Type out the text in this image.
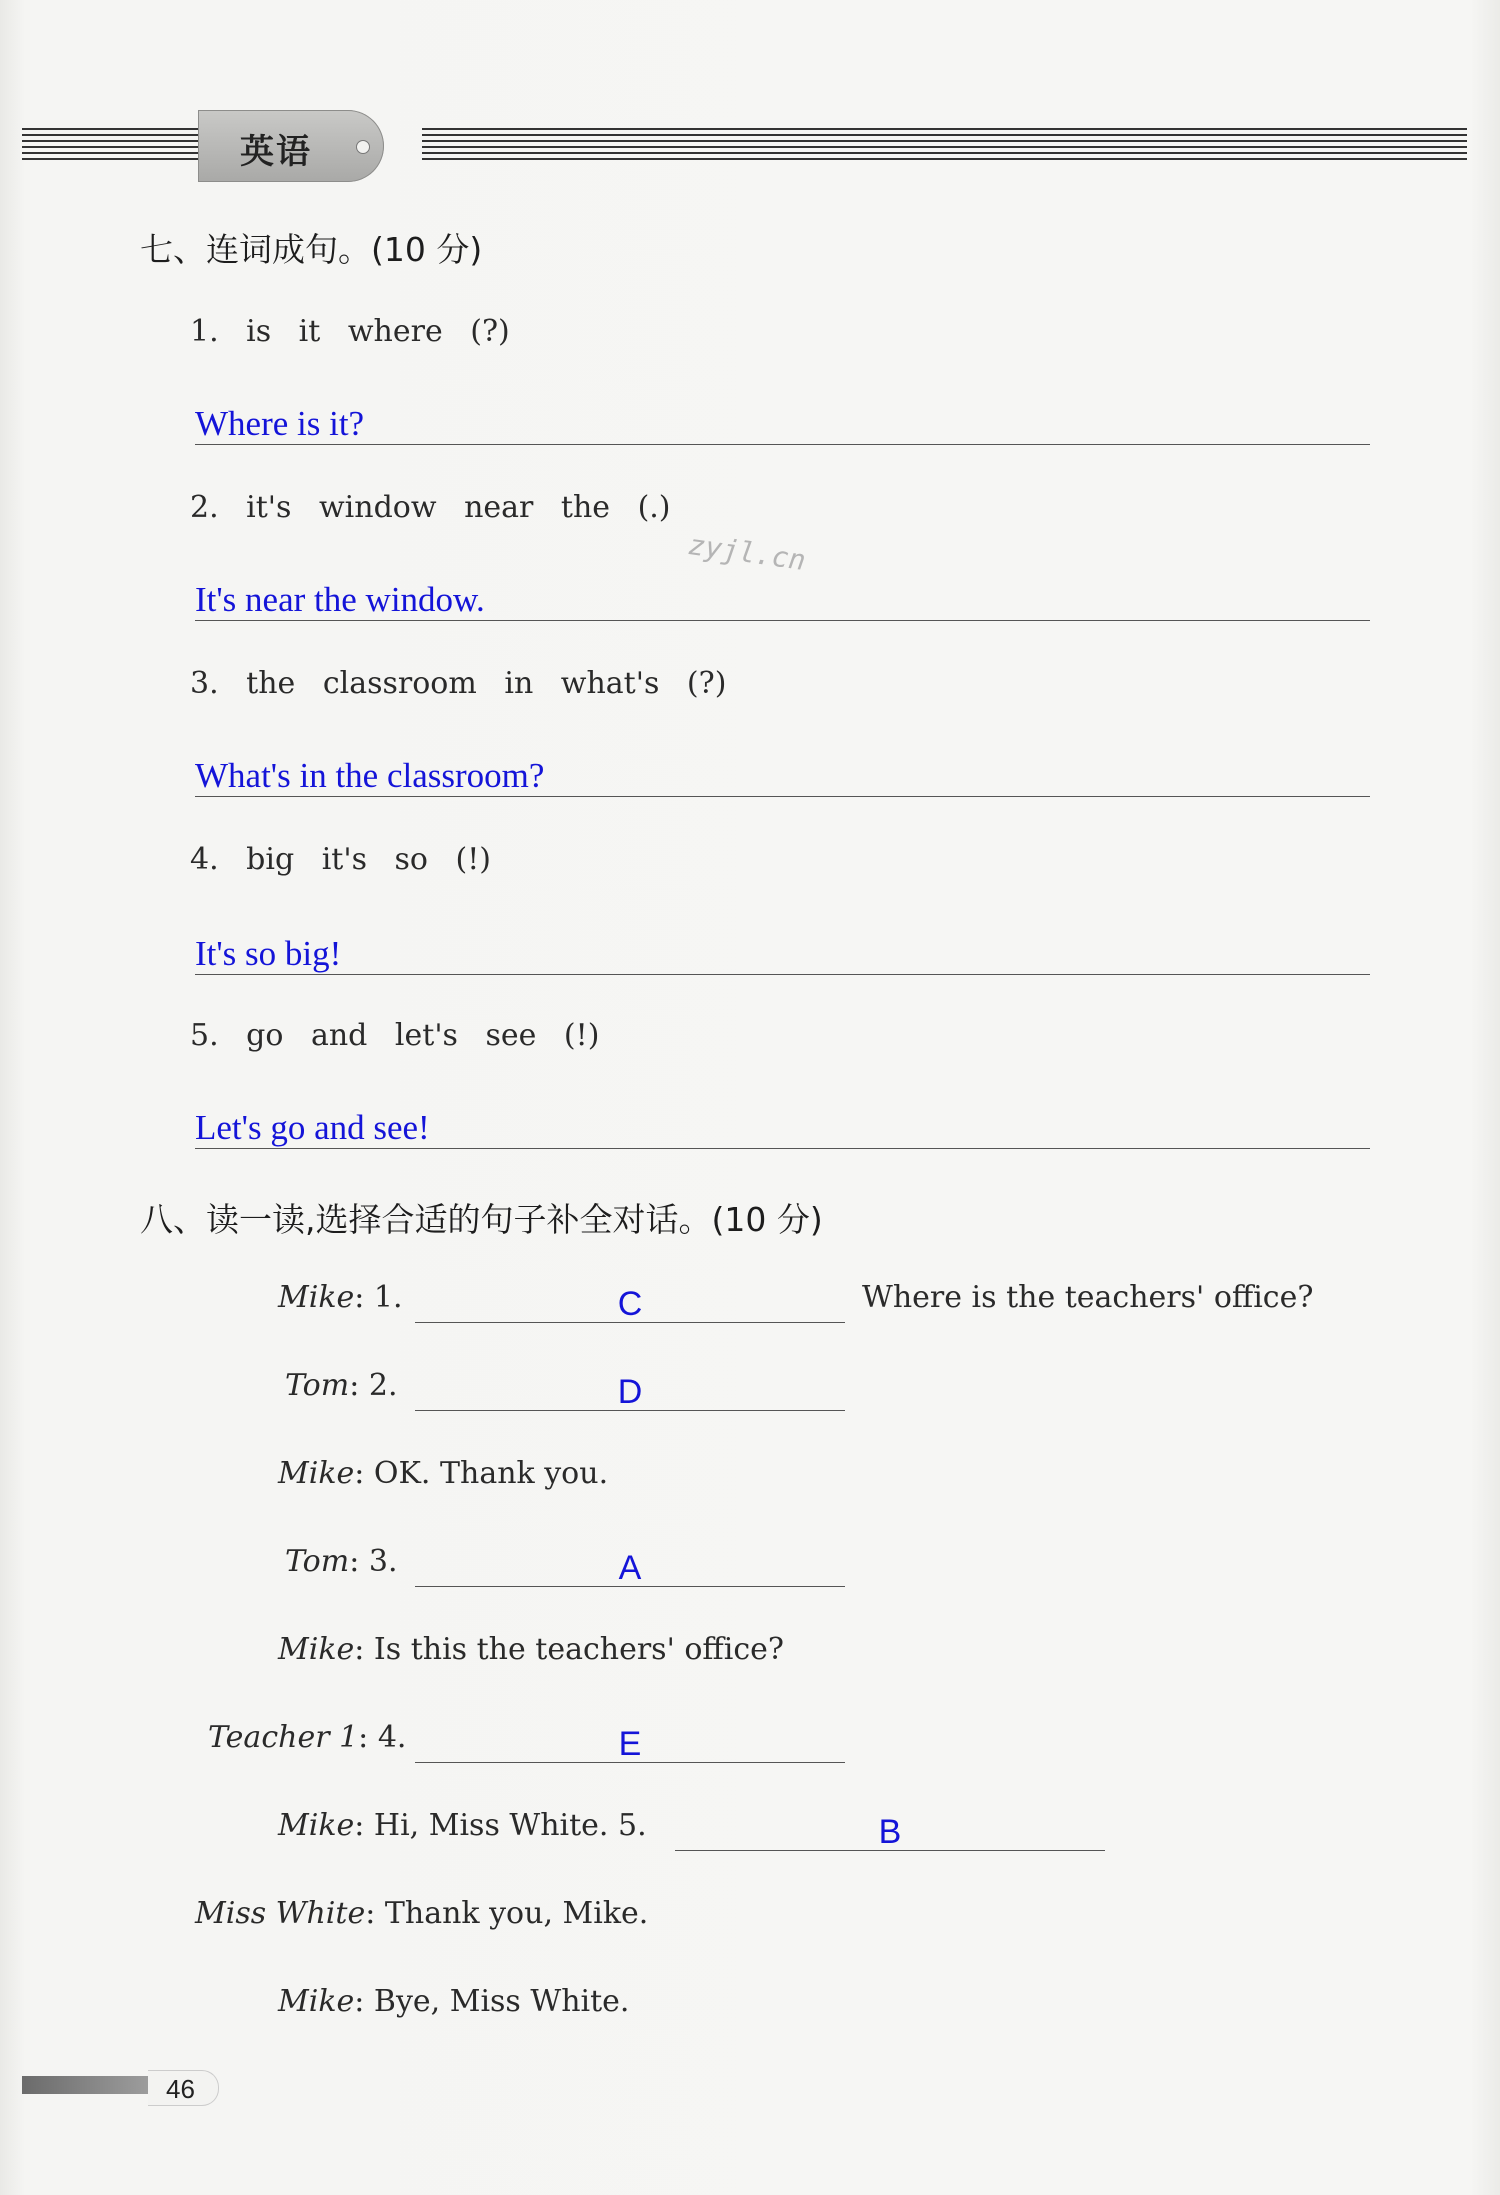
英语
七、连词成句。(10 分)
1. is it where (?)
Where is it?
2. it's window near the (.)
It's near the window.
zyjl.cn
3. the classroom in what's (?)
What's in the classroom?
4. big it's so (!)
It's so big!
5. go and let's see (!)
Let's go and see!
八、读一读,选择合适的句子补全对话。(10 分)
Mike: 1.	C	Where is the teachers' office?
Tom: 2.	D
Mike: OK. Thank you.
Tom: 3.	A
Mike: Is this the teachers' office?
Teacher 1: 4.	E
Mike: Hi, Miss White. 5.	B
Miss White: Thank you, Mike.
Mike: Bye, Miss White.
46
